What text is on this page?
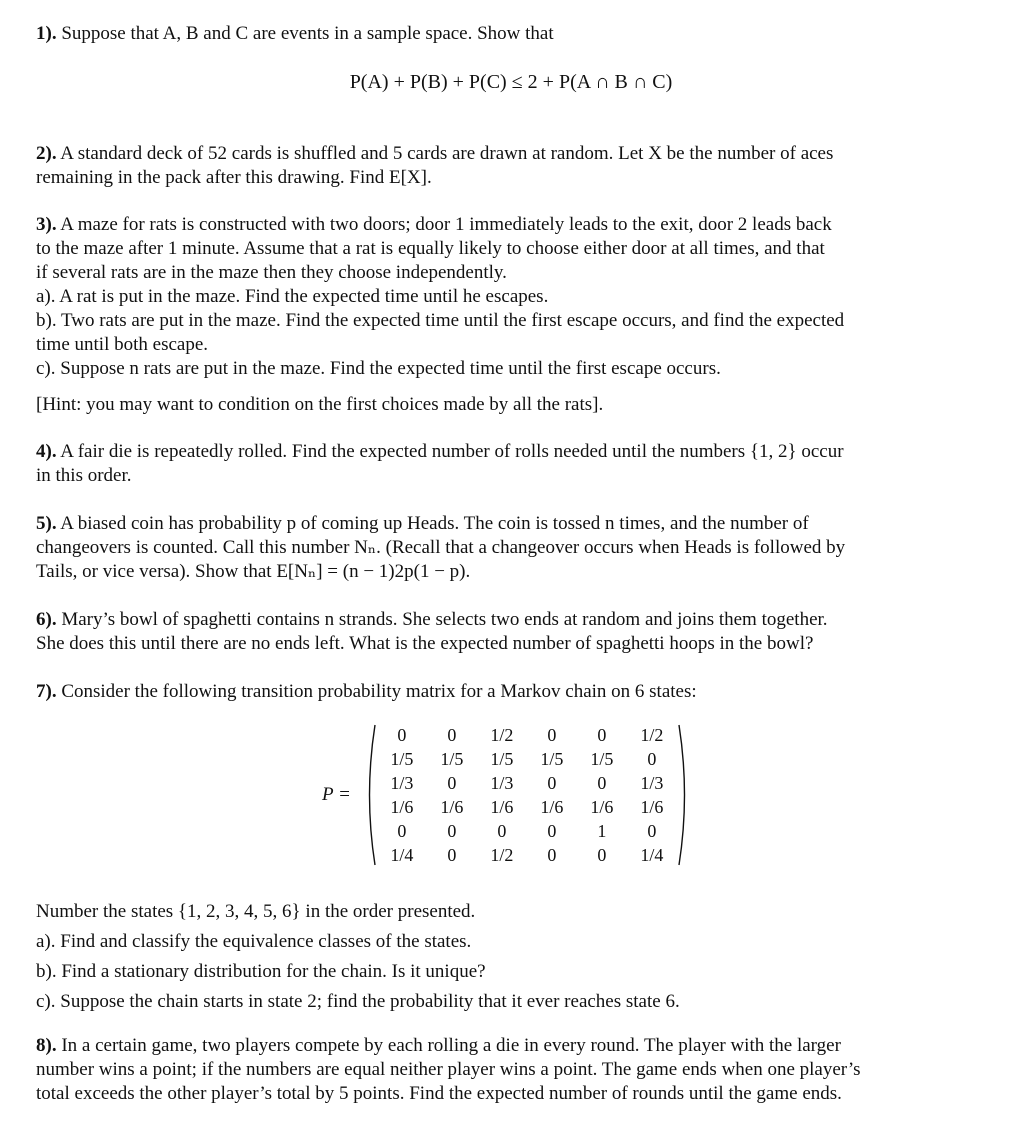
1). Suppose that A, B and C are events in a sample space. Show that
P(A) + P(B) + P(C) ≤ 2 + P(A ∩ B ∩ C)
2). A standard deck of 52 cards is shuffled and 5 cards are drawn at random. Let X be the number of aces
remaining in the pack after this drawing. Find E[X].
3). A maze for rats is constructed with two doors; door 1 immediately leads to the exit, door 2 leads back
to the maze after 1 minute. Assume that a rat is equally likely to choose either door at all times, and that
if several rats are in the maze then they choose independently.
a). A rat is put in the maze. Find the expected time until he escapes.
b). Two rats are put in the maze. Find the expected time until the first escape occurs, and find the expected
time until both escape.
c). Suppose n rats are put in the maze. Find the expected time until the first escape occurs.
[Hint: you may want to condition on the first choices made by all the rats].
4). A fair die is repeatedly rolled. Find the expected number of rolls needed until the numbers {1, 2} occur
in this order.
5). A biased coin has probability p of coming up Heads. The coin is tossed n times, and the number of
changeovers is counted. Call this number Nₙ. (Recall that a changeover occurs when Heads is followed by
Tails, or vice versa). Show that E[Nₙ] = (n − 1)2p(1 − p).
6). Mary’s bowl of spaghetti contains n strands. She selects two ends at random and joins them together.
She does this until there are no ends left. What is the expected number of spaghetti hoops in the bowl?
7). Consider the following transition probability matrix for a Markov chain on 6 states:
P =
0	0	1/2	0	0	1/2
1/5	1/5	1/5	1/5	1/5	0
1/3	0	1/3	0	0	1/3
1/6	1/6	1/6	1/6	1/6	1/6
0	0	0	0	1	0
1/4	0	1/2	0	0	1/4
Number the states {1, 2, 3, 4, 5, 6} in the order presented.
a). Find and classify the equivalence classes of the states.
b). Find a stationary distribution for the chain. Is it unique?
c). Suppose the chain starts in state 2; find the probability that it ever reaches state 6.
8). In a certain game, two players compete by each rolling a die in every round. The player with the larger
number wins a point; if the numbers are equal neither player wins a point. The game ends when one player’s
total exceeds the other player’s total by 5 points. Find the expected number of rounds until the game ends.
